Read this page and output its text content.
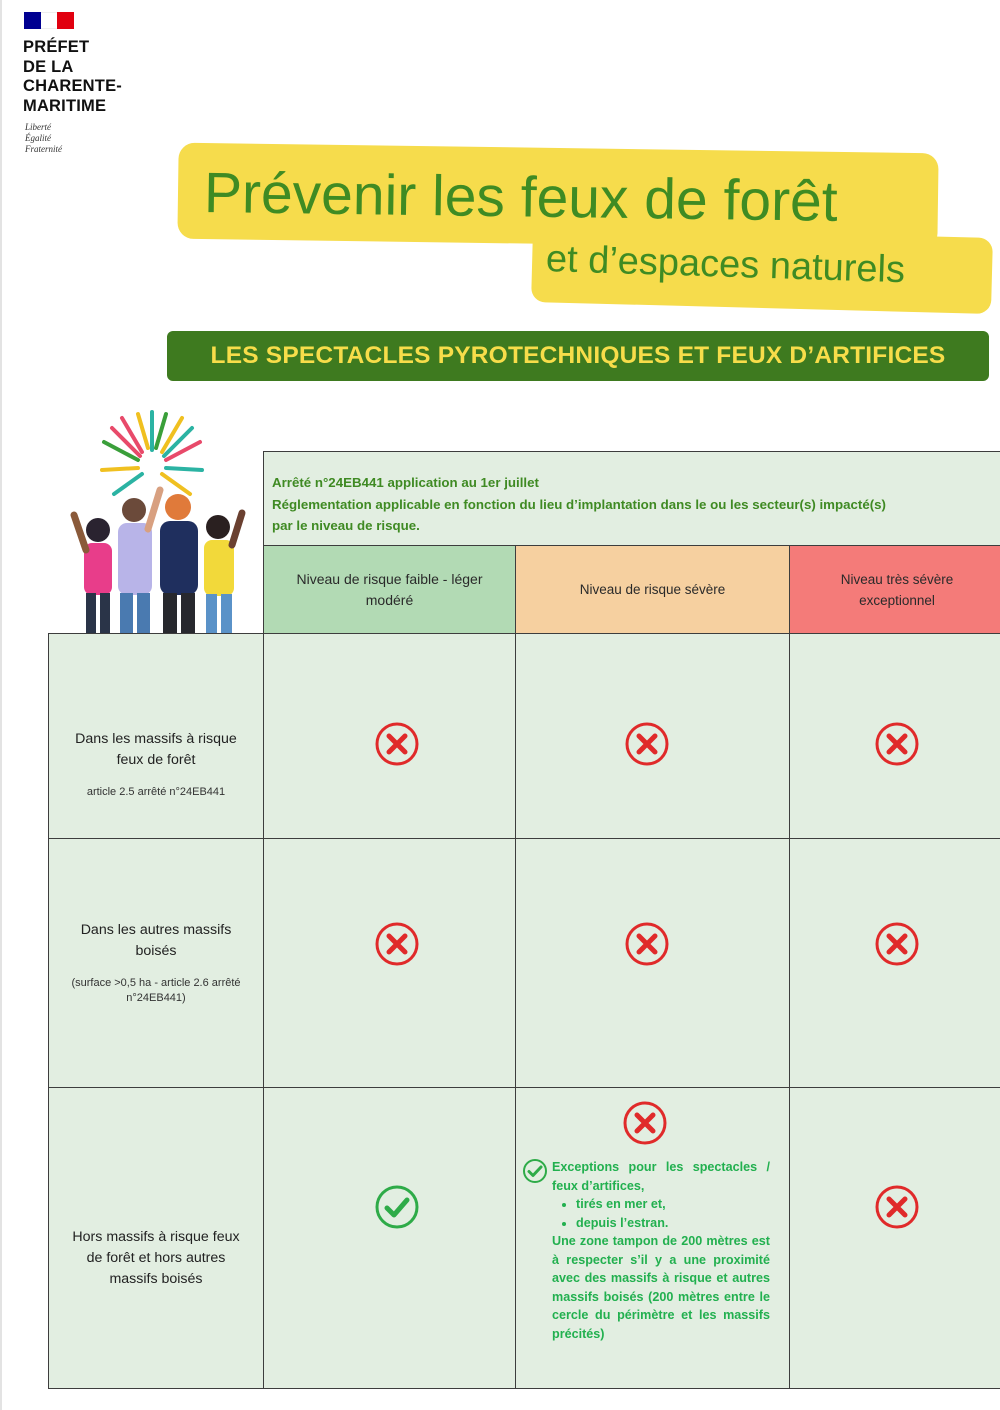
PRÉFET
DE LA
CHARENTE-
MARITIME
Liberté
Égalité
Fraternité
Prévenir les feux de forêt
et d’espaces naturels
LES SPECTACLES PYROTECHNIQUES ET FEUX D’ARTIFICES
Arrêté n°24EB441 application au 1er juillet
Réglementation applicable en fonction du lieu d’implantation dans le ou les secteur(s) impacté(s)
par le niveau de risque.
Niveau de risque faible - léger modéré
Niveau de risque sévère
Niveau très sévère exceptionnel
Dans les massifs à risque feux de forêt
article 2.5 arrêté n°24EB441
Dans les autres massifs boisés
(surface >0,5 ha - article 2.6 arrêté n°24EB441)
Hors massifs à risque feux de forêt et hors autres massifs boisés
Exceptions pour les spectacles / feux d’artifices,
• tirés en mer et,
• depuis l’estran.
Une zone tampon de 200 mètres est à respecter s’il y a une proximité avec des massifs à risque et autres massifs boisés (200 mètres entre le cercle du périmètre et les massifs précités)
